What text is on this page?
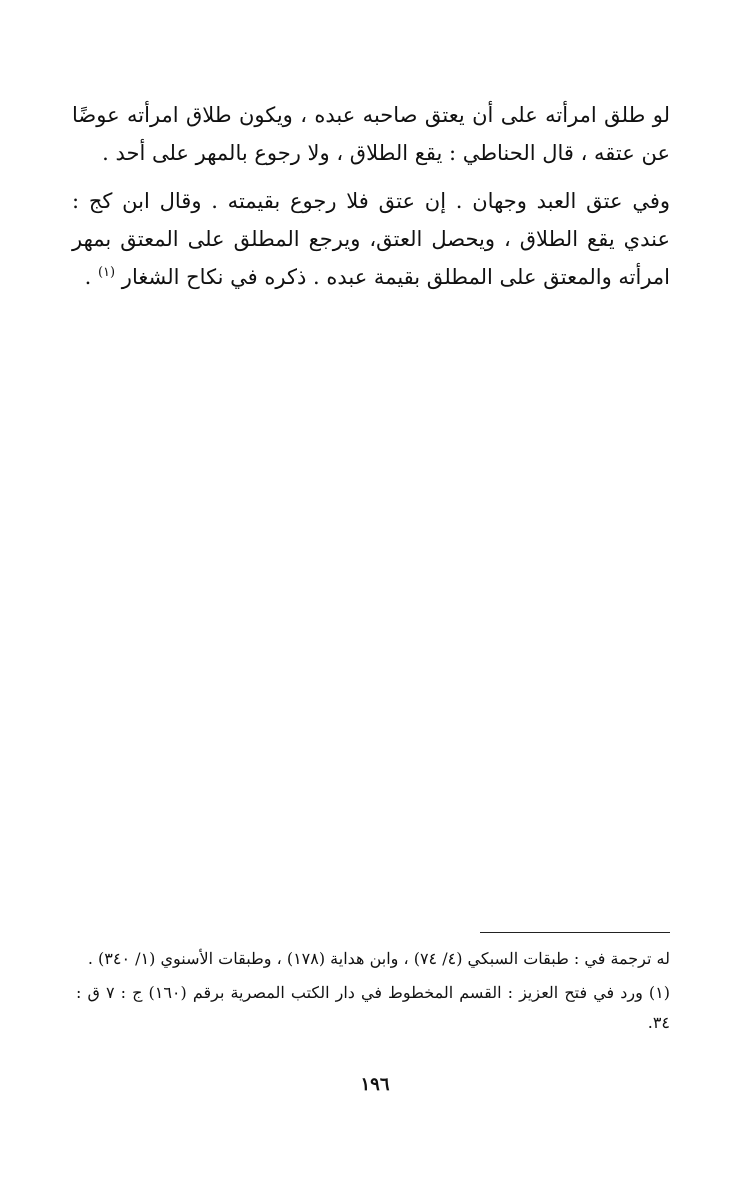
لو طلق امرأته على أن يعتق صاحبه عبده ، ويكون طلاق امرأته عوضًا عن عتقه ، قال الحناطي : يقع الطلاق ، ولا رجوع بالمهر على أحد .

وفي عتق العبد وجهان . إن عتق فلا رجوع بقيمته . وقال ابن كج : عندي يقع الطلاق ، ويحصل العتق، ويرجع المطلق على المعتق بمهر امرأته والمعتق على المطلق بقيمة عبده . ذكره في نكاح الشغار $^{(١)}$ .

له ترجمة في : طبقات السبكي (٤/ ٧٤) ، وابن هداية (١٧٨) ، وطبقات الأسنوي (١/ ٣٤٠) .

(١) ورد في فتح العزيز : القسم المخطوط في دار الكتب المصرية برقم (١٦٠) ج : ٧ ق : ٣٤.

١٩٦
